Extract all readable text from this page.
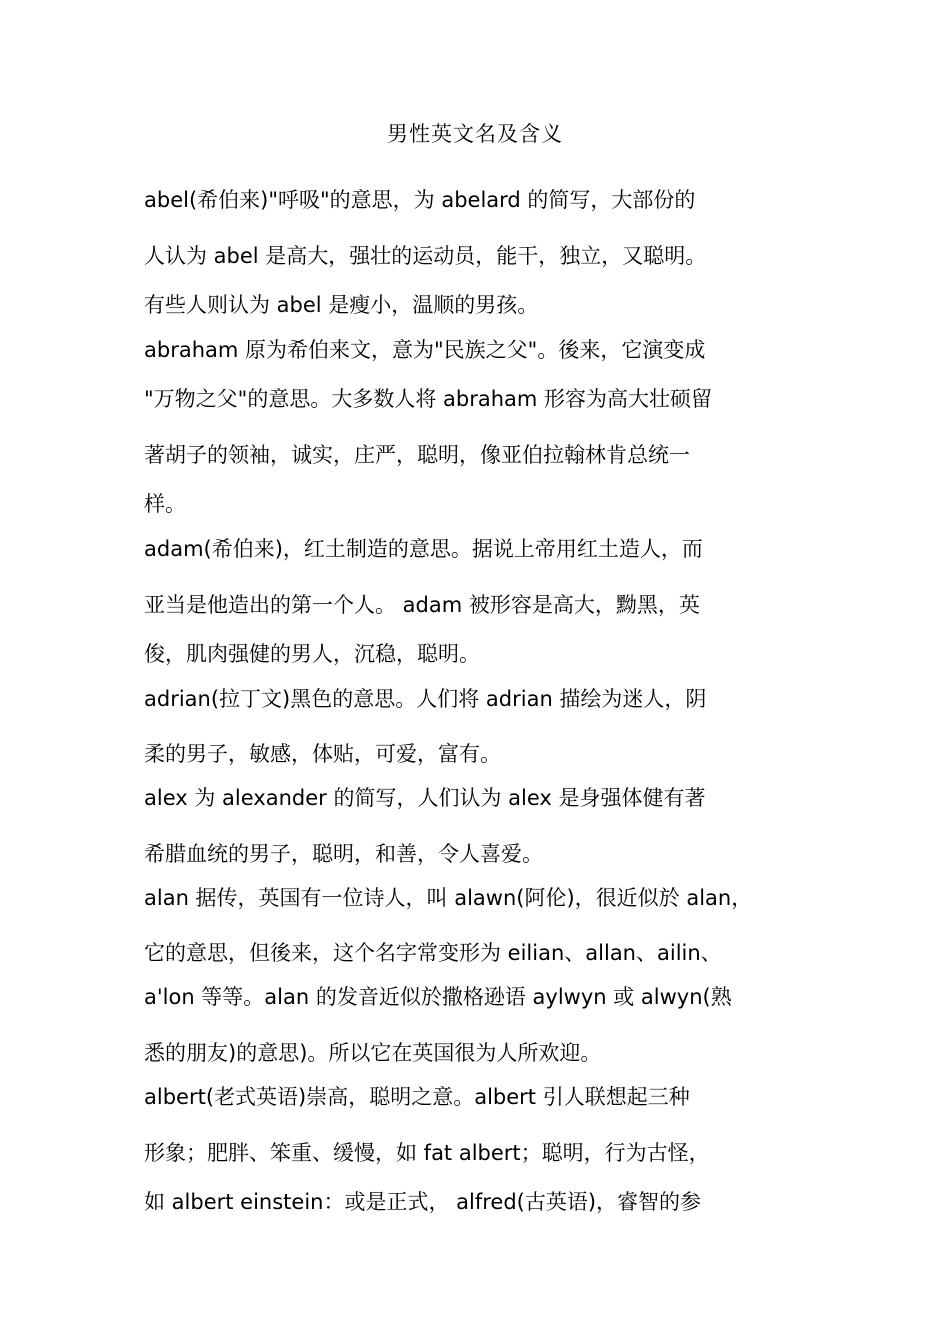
男性英文名及含义
abel(希伯来)"呼吸"的意思，为 abelard 的简写，大部份的
人认为 abel 是高大，强壮的运动员，能干，独立，又聪明。
有些人则认为 abel 是瘦小，温顺的男孩。
abraham 原为希伯来文，意为"民族之父"。後来，它演变成
"万物之父"的意思。大多数人将 abraham 形容为高大壮硕留
著胡子的领袖，诚实，庄严，聪明，像亚伯拉翰林肯总统一
样。
adam(希伯来)，红土制造的意思。据说上帝用红土造人，而
亚当是他造出的第一个人。 adam 被形容是高大，黝黑，英
俊，肌肉强健的男人，沉稳，聪明。
adrian(拉丁文)黑色的意思。人们将 adrian 描绘为迷人，阴
柔的男子，敏感，体贴，可爱，富有。
alex 为 alexander 的简写，人们认为 alex 是身强体健有著
希腊血统的男子，聪明，和善，令人喜爱。
alan 据传，英国有一位诗人，叫 alawn(阿伦)，很近似於 alan，
它的意思，但後来，这个名字常变形为 eilian、allan、ailin、
a'lon 等等。alan 的发音近似於撒格逊语 aylwyn 或 alwyn(熟
悉的朋友)的意思)。所以它在英国很为人所欢迎。
albert(老式英语)崇高，聪明之意。albert 引人联想起三种
形象；肥胖、笨重、缓慢，如 fat albert；聪明，行为古怪，
如 albert einstein：或是正式， alfred(古英语)，睿智的参
